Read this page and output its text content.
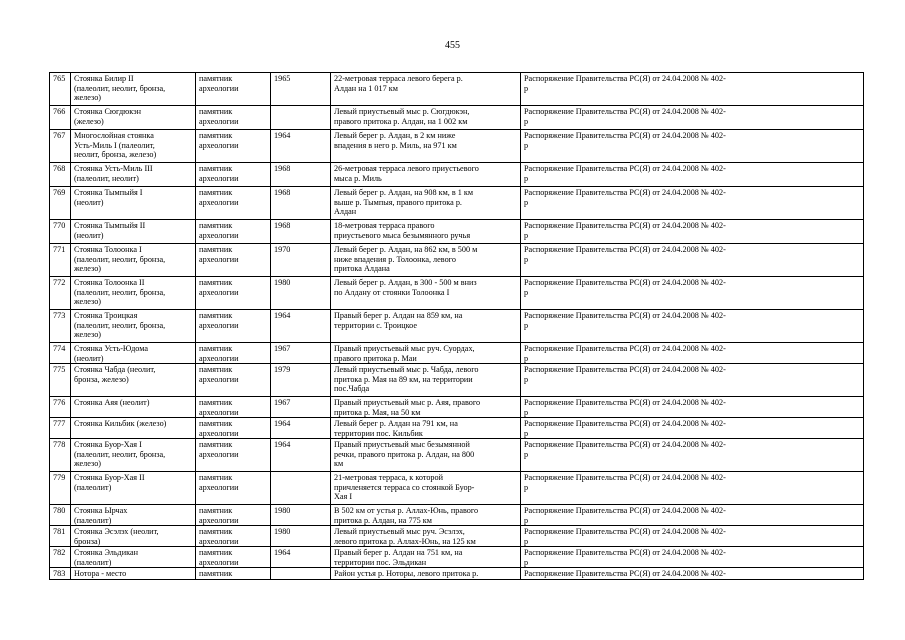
455
765	Стоянка Билир II
(палеолит, неолит, бронза,
железо)	памятник
археологии	1965	22-метровая терраса левого берега р.
Алдан на 1 017 км	Распоряжение Правительства РС(Я) от 24.04.2008 № 402-
р
766	Стоянка Сюгдюкэн
(железо)	памятник
археологии		Левый приустьевый мыс р. Сюгдюкэн,
правого притока р. Алдан, на 1 002 км	Распоряжение Правительства РС(Я) от 24.04.2008 № 402-
р
767	Многослойная стоянка
Усть-Миль I (палеолит,
неолит, бронза, железо)	памятник
археологии	1964	Левый берег р. Алдан, в 2 км ниже
впадения в него р. Миль, на 971 км	Распоряжение Правительства РС(Я) от 24.04.2008 № 402-
р
768	Стоянка Усть-Миль III
(палеолит, неолит)	памятник
археологии	1968	26-метровая терраса левого приустьевого
мыса р. Миль	Распоряжение Правительства РС(Я) от 24.04.2008 № 402-
р
769	Стоянка Тымпыйя I
(неолит)	памятник
археологии	1968	Левый берег р. Алдан, на 908 км, в 1 км
выше р. Тымпыя, правого притока р.
Алдан	Распоряжение Правительства РС(Я) от 24.04.2008 № 402-
р
770	Стоянка Тымпыйя II
(неолит)	памятник
археологии	1968	18-метровая терраса правого
приустьевого мыса безымянного ручья	Распоряжение Правительства РС(Я) от 24.04.2008 № 402-
р
771	Стоянка Толоонка I
(палеолит, неолит, бронза,
железо)	памятник
археологии	1970	Левый берег р. Алдан, на 862 км, в 500 м
ниже впадения р. Толоонка, левого
притока Алдана	Распоряжение Правительства РС(Я) от 24.04.2008 № 402-
р
772	Стоянка Толоонка II
(палеолит, неолит, бронза,
железо)	памятник
археологии	1980	Левый берег р. Алдан, в 300 - 500 м вниз
по Алдану от стоянки Толоонка I	Распоряжение Правительства РС(Я) от 24.04.2008 № 402-
р
773	Стоянка Троицкая
(палеолит, неолит, бронза,
железо)	памятник
археологии	1964	Правый берег р. Алдан на 859 км, на
территории с. Троицкое	Распоряжение Правительства РС(Я) от 24.04.2008 № 402-
р
774	Стоянка Усть-Юдома
(неолит)	памятник
археологии	1967	Правый приустьевый мыс руч. Суордах,
правого притока р. Маи	Распоряжение Правительства РС(Я) от 24.04.2008 № 402-
р
775	Стоянка Чабда (неолит,
бронза, железо)	памятник
археологии	1979	Левый приустьевый мыс р. Чабда, левого
притока р. Мая на 89 км, на территории
пос.Чабда	Распоряжение Правительства РС(Я) от 24.04.2008 № 402-
р
776	Стоянка Аяя (неолит)	памятник
археологии	1967	Правый приустьевый мыс р. Аяя, правого
притока р. Мая, на 50 км	Распоряжение Правительства РС(Я) от 24.04.2008 № 402-
р
777	Стоянка Кильбик (железо)	памятник
археологии	1964	Левый берег р. Алдан на 791 км, на
территории пос. Кильбик	Распоряжение Правительства РС(Я) от 24.04.2008 № 402-
р
778	Стоянка Буор-Хая I
(палеолит, неолит, бронза,
железо)	памятник
археологии	1964	Правый приустьевый мыс безымянной
речки, правого притока р. Алдан, на 800
км	Распоряжение Правительства РС(Я) от 24.04.2008 № 402-
р
779	Стоянка Буор-Хая II
(палеолит)	памятник
археологии		21-метровая терраса, к которой
причленяется терраса со стоянкой Буор-
Хая I	Распоряжение Правительства РС(Я) от 24.04.2008 № 402-
р
780	Стоянка Ырчах
(палеолит)	памятник
археологии	1980	В 502 км от устья р. Аллах-Юнь, правого
притока р. Алдан, на 775 км	Распоряжение Правительства РС(Я) от 24.04.2008 № 402-
р
781	Стоянка Эсэлэх (неолит,
бронза)	памятник
археологии	1980	Левый приустьевый мыс руч. Эсэлэх,
левого притока р. Аллах-Юнь, на 125 км	Распоряжение Правительства РС(Я) от 24.04.2008 № 402-
р
782	Стоянка Эльдикан
(палеолит)	памятник
археологии	1964	Правый берег р. Алдан на 751 км, на
территории пос. Эльдикан	Распоряжение Правительства РС(Я) от 24.04.2008 № 402-
р
783	Нотора - место	памятник		Район устья р. Нотоpы, левого притока р.	Распоряжение Правительства РС(Я) от 24.04.2008 № 402-
